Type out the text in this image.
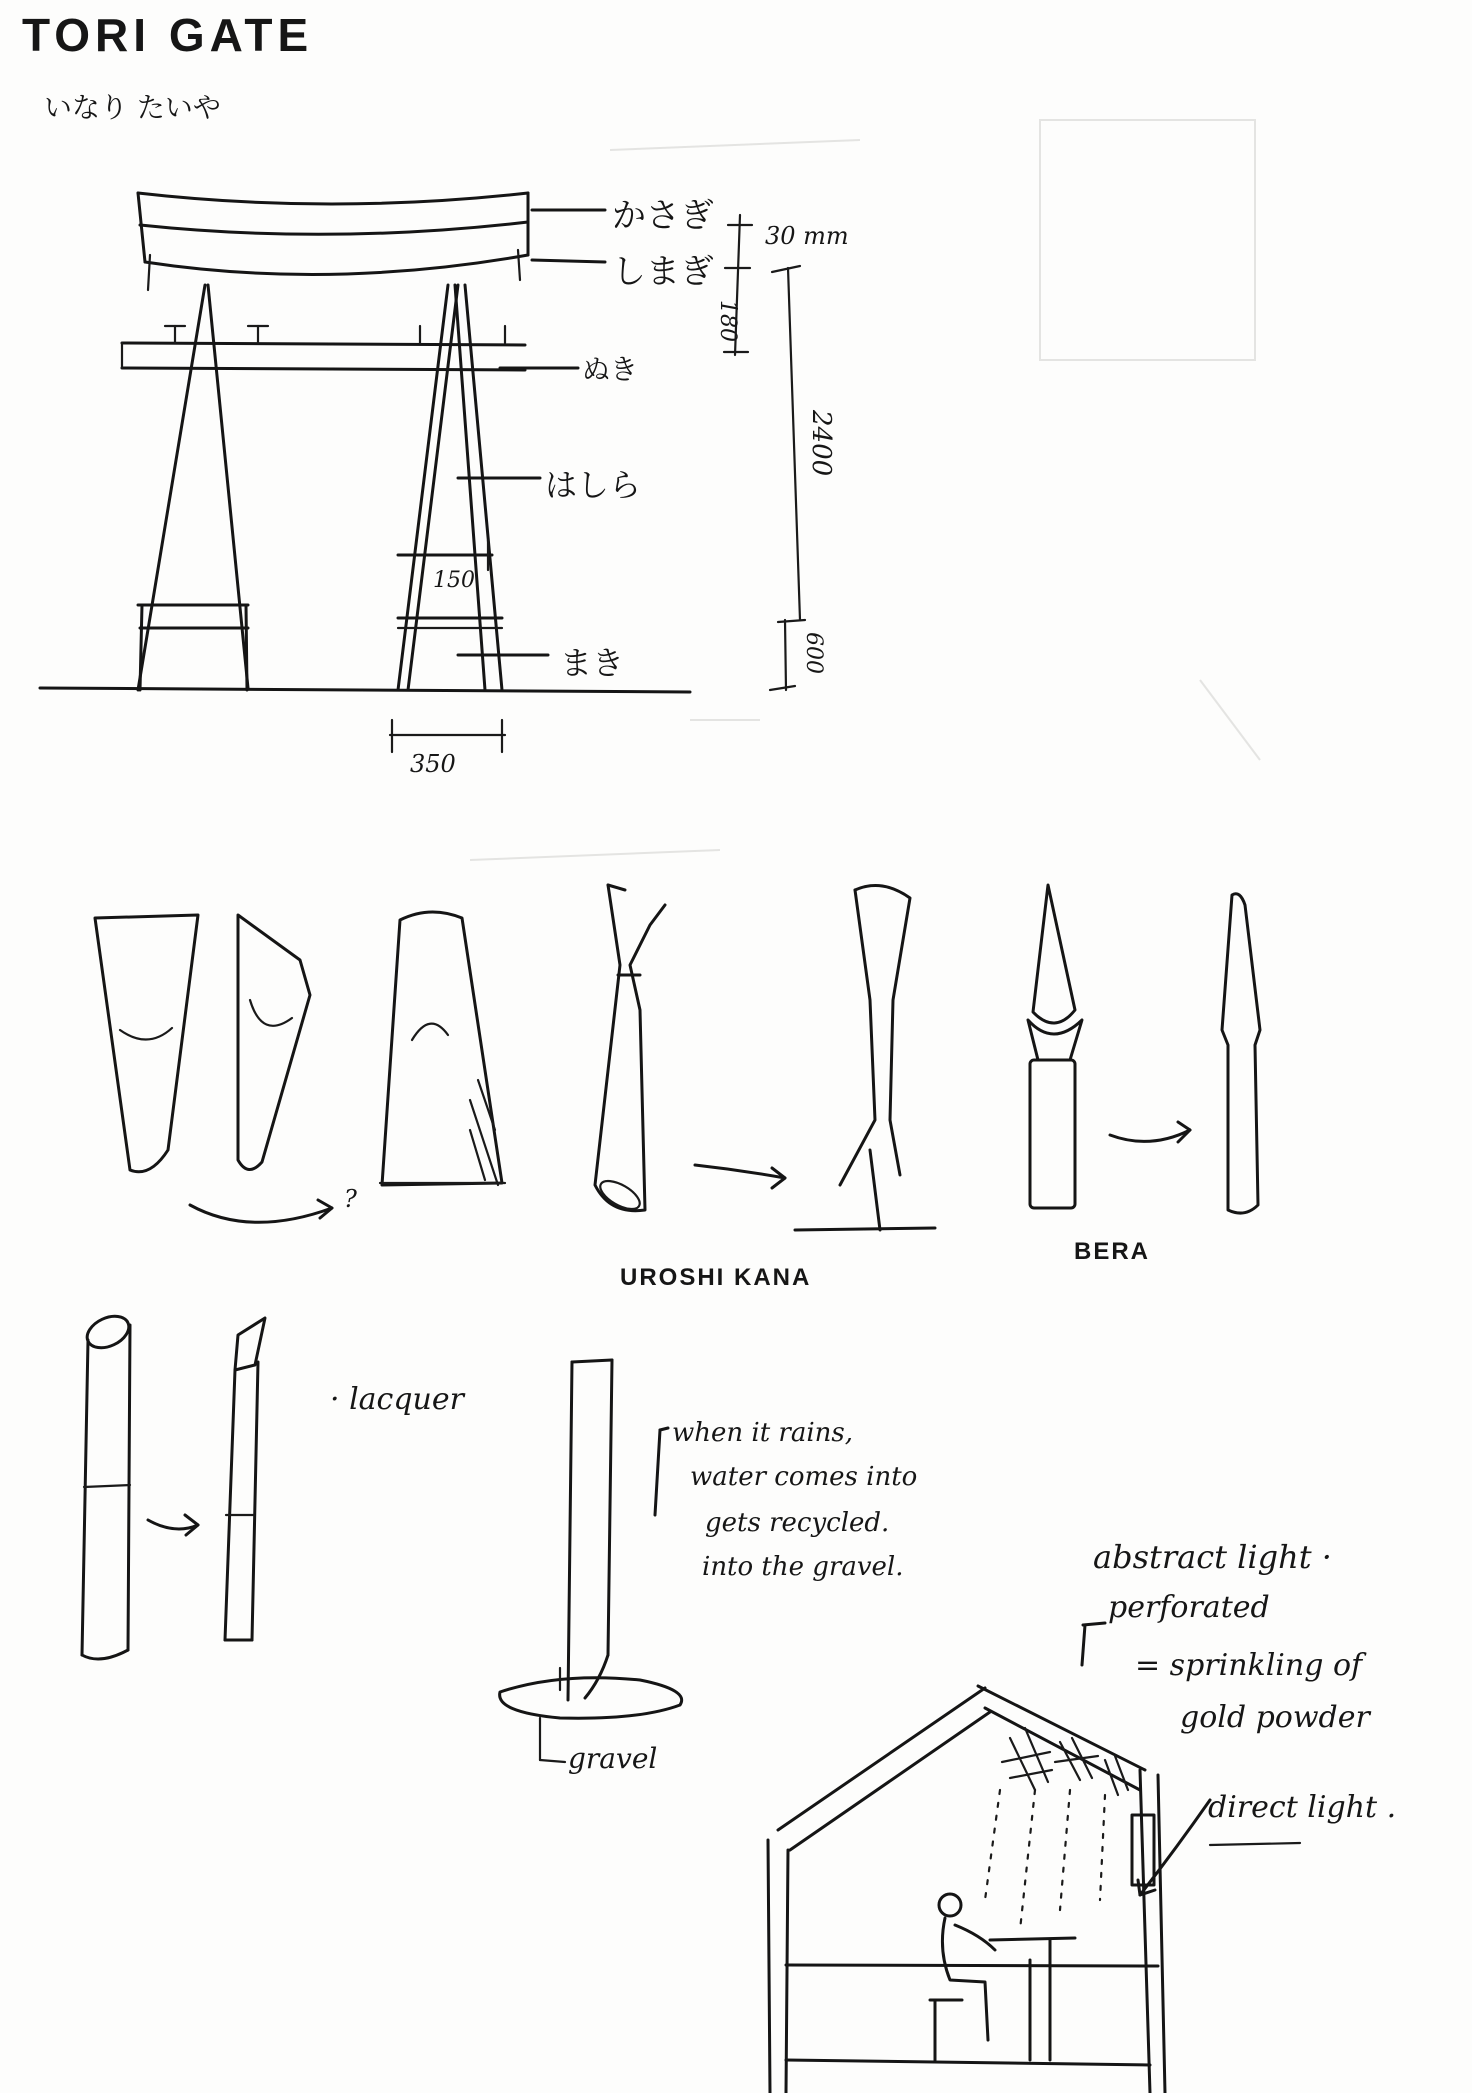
TORI GATE
いなり たいや
かさぎ
しまぎ
ぬき
はしら
まき
30 mm
180
2400
600
150
350
?
UROSHI KANA
BERA
· lacquer
when it rains,
water comes into
gets recycled.
into the gravel.
gravel
abstract light ·
perforated
= sprinkling of
gold powder
direct light .
